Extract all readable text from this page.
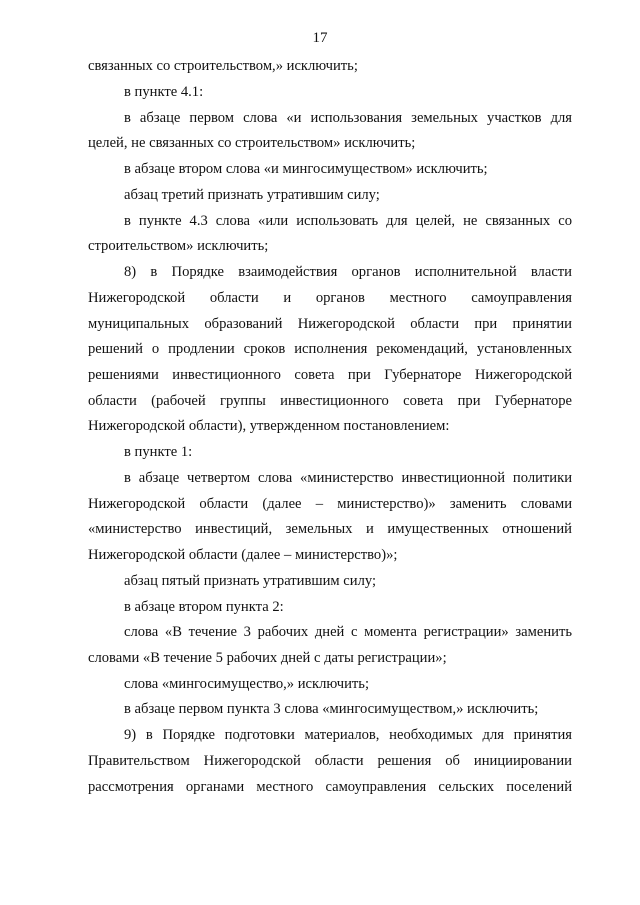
17
связанных со строительством,» исключить;
в пункте 4.1:
в абзаце первом слова «и использования земельных участков для
целей, не связанных со строительством» исключить;
в абзаце втором слова «и мингосимуществом» исключить;
абзац третий признать утратившим силу;
в пункте 4.3 слова «или использовать для целей, не связанных со
строительством» исключить;
8) в Порядке взаимодействия органов исполнительной власти
Нижегородской области и органов местного самоуправления
муниципальных образований Нижегородской области при принятии
решений о продлении сроков исполнения рекомендаций, установленных
решениями инвестиционного совета при Губернаторе Нижегородской
области (рабочей группы инвестиционного совета при Губернаторе
Нижегородской области), утвержденном постановлением:
в пункте 1:
в абзаце четвертом слова «министерство инвестиционной политики
Нижегородской области (далее – министерство)» заменить словами
«министерство инвестиций, земельных и имущественных отношений
Нижегородской области (далее – министерство)»;
абзац пятый признать утратившим силу;
в абзаце втором пункта 2:
слова «В течение 3 рабочих дней с момента регистрации» заменить
словами «В течение 5 рабочих дней с даты регистрации»;
слова «мингосимущество,» исключить;
в абзаце первом пункта 3 слова «мингосимуществом,» исключить;
9) в Порядке подготовки материалов, необходимых для принятия
Правительством Нижегородской области решения об инициировании
рассмотрения органами местного самоуправления сельских поселений
